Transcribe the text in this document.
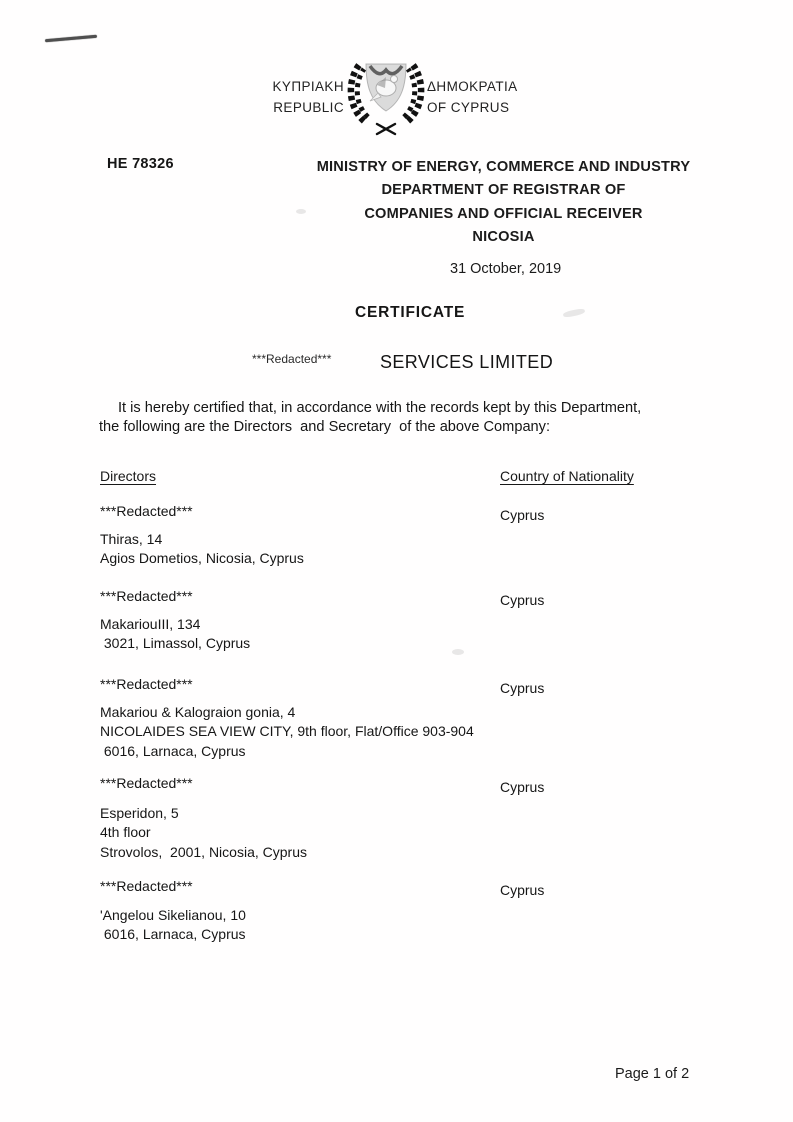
ΚΥΠΡΙΑΚΗ
REPUBLIC
ΔΗΜΟΚΡΑΤΙΑ
OF CYPRUS
HE 78326	MINISTRY OF ENERGY, COMMERCE AND INDUSTRY
DEPARTMENT OF REGISTRAR OF
COMPANIES AND OFFICIAL RECEIVER
NICOSIA
31 October, 2019
CERTIFICATE
***Redacted***	SERVICES LIMITED
It is hereby certified that, in accordance with the records kept by this Department,
the following are the Directors  and Secretary  of the above Company:
Directors	Country of Nationality
***Redacted***	Cyprus
Thiras, 14
Agios Dometios, Nicosia, Cyprus
***Redacted***	Cyprus
MakariouIII, 134
3021, Limassol, Cyprus
***Redacted***	Cyprus
Makariou & Kalograion gonia, 4
NICOLAIDES SEA VIEW CITY, 9th floor, Flat/Office 903-904
6016, Larnaca, Cyprus
***Redacted***	Cyprus
Esperidon, 5
4th floor
Strovolos,  2001, Nicosia, Cyprus
***Redacted***	Cyprus
'Angelou Sikelianou, 10
6016, Larnaca, Cyprus
Page 1 of 2
